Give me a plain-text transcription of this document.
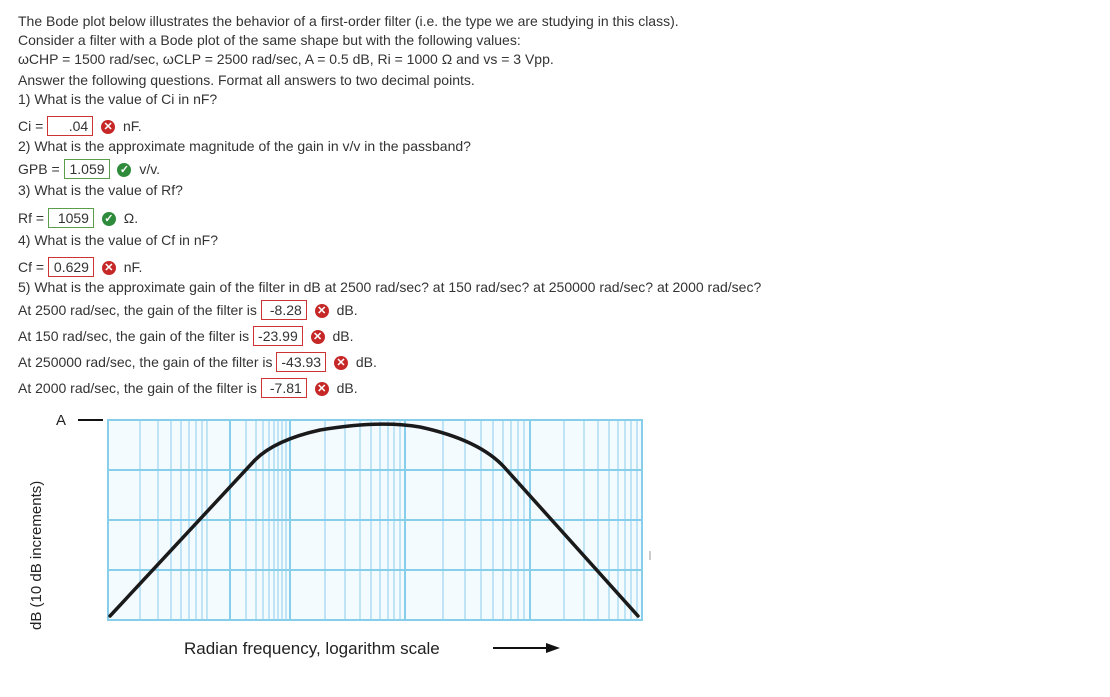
The Bode plot below illustrates the behavior of a first-order filter (i.e. the type we are studying in this class).
Consider a filter with a Bode plot of the same shape but with the following values:
ωCHP = 1500 rad/sec, ωCLP = 2500 rad/sec, A = 0.5 dB, Ri = 1000 Ω and vs = 3 Vpp.
Answer the following questions. Format all answers to two decimal points.
1) What is the value of Ci in nF?
Ci = .04 ✕ nF.
2) What is the approximate magnitude of the gain in v/v in the passband?
GPB = 1.059 ✓ v/v.
3) What is the value of Rf?
Rf = 1059 ✓ Ω.
4) What is the value of Cf in nF?
Cf = 0.629 ✕ nF.
5) What is the approximate gain of the filter in dB at 2500 rad/sec? at 150 rad/sec? at 250000 rad/sec? at 2000 rad/sec?
At 2500 rad/sec, the gain of the filter is -8.28 ✕ dB.
At 150 rad/sec, the gain of the filter is -23.99 ✕ dB.
At 250000 rad/sec, the gain of the filter is -43.93 ✕ dB.
At 2000 rad/sec, the gain of the filter is -7.81 ✕ dB.
A
dB (10 dB increments)
Radian frequency, logarithm scale
